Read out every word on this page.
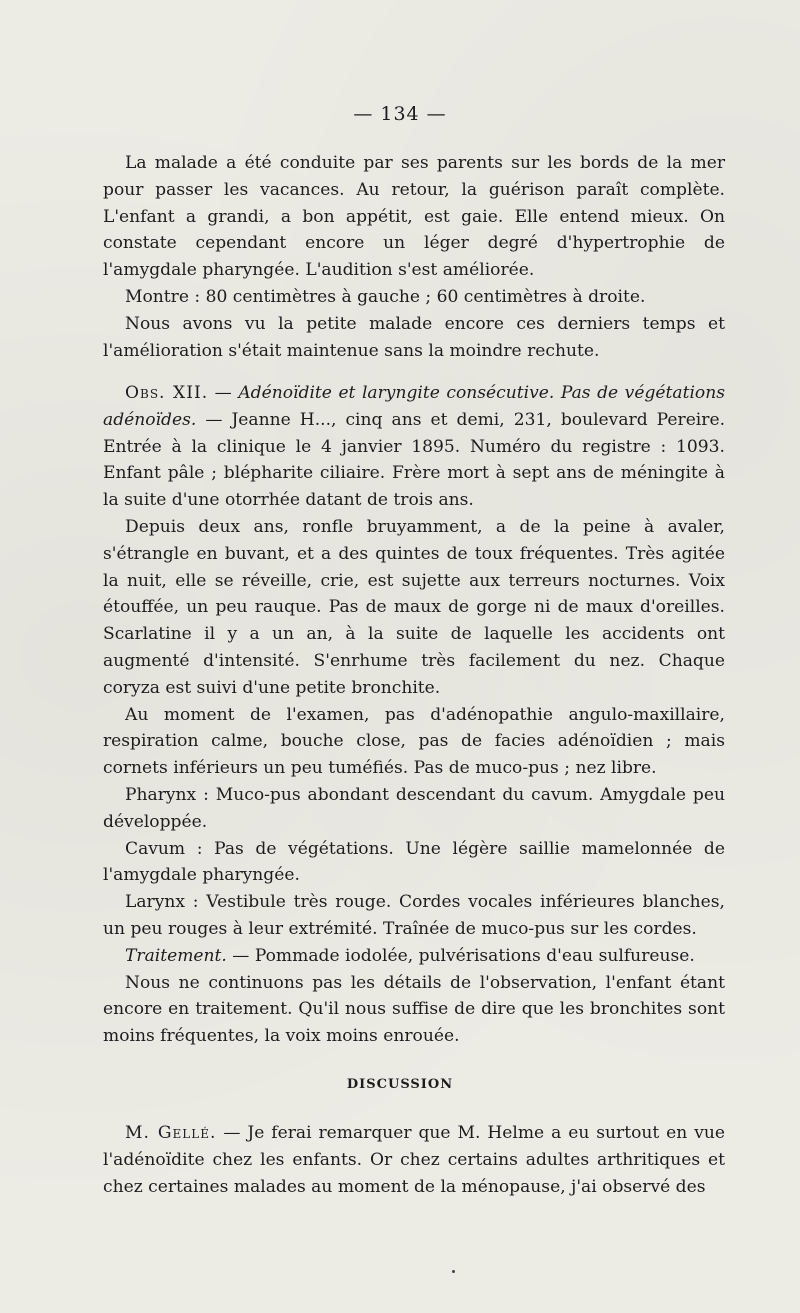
— 134 —

La malade a été conduite par ses parents sur les bords de la mer pour passer les vacances. Au retour, la guérison paraît complète. L'enfant a grandi, a bon appétit, est gaie. Elle entend mieux. On constate cependant encore un léger degré d'hypertrophie de l'amygdale pharyngée. L'audition s'est améliorée.

Montre : 80 centimètres à gauche ; 60 centimètres à droite.

Nous avons vu la petite malade encore ces derniers temps et l'amélioration s'était maintenue sans la moindre rechute.

Obs. XII. — Adénoïdite et laryngite consécutive. Pas de végétations adénoïdes. — Jeanne H..., cinq ans et demi, 231, boulevard Pereire. Entrée à la clinique le 4 janvier 1895. Numéro du registre : 1093. Enfant pâle ; blépharite ciliaire. Frère mort à sept ans de méningite à la suite d'une otorrhée datant de trois ans.

Depuis deux ans, ronfle bruyamment, a de la peine à avaler, s'étrangle en buvant, et a des quintes de toux fréquentes. Très agitée la nuit, elle se réveille, crie, est sujette aux terreurs nocturnes. Voix étouffée, un peu rauque. Pas de maux de gorge ni de maux d'oreilles. Scarlatine il y a un an, à la suite de laquelle les accidents ont augmenté d'intensité. S'enrhume très facilement du nez. Chaque coryza est suivi d'une petite bronchite.

Au moment de l'examen, pas d'adénopathie angulo-maxillaire, respiration calme, bouche close, pas de facies adénoïdien ; mais cornets inférieurs un peu tuméfiés. Pas de muco-pus ; nez libre.

Pharynx : Muco-pus abondant descendant du cavum. Amygdale peu développée.

Cavum : Pas de végétations. Une légère saillie mamelonnée de l'amygdale pharyngée.

Larynx : Vestibule très rouge. Cordes vocales inférieures blanches, un peu rouges à leur extrémité. Traînée de muco-pus sur les cordes.

Traitement. — Pommade iodolée, pulvérisations d'eau sulfureuse.

Nous ne continuons pas les détails de l'observation, l'enfant étant encore en traitement. Qu'il nous suffise de dire que les bronchites sont moins fréquentes, la voix moins enrouée.

DISCUSSION

M. Gellé. — Je ferai remarquer que M. Helme a eu surtout en vue l'adénoïdite chez les enfants. Or chez certains adultes arthritiques et chez certaines malades au moment de la ménopause, j'ai observé des
